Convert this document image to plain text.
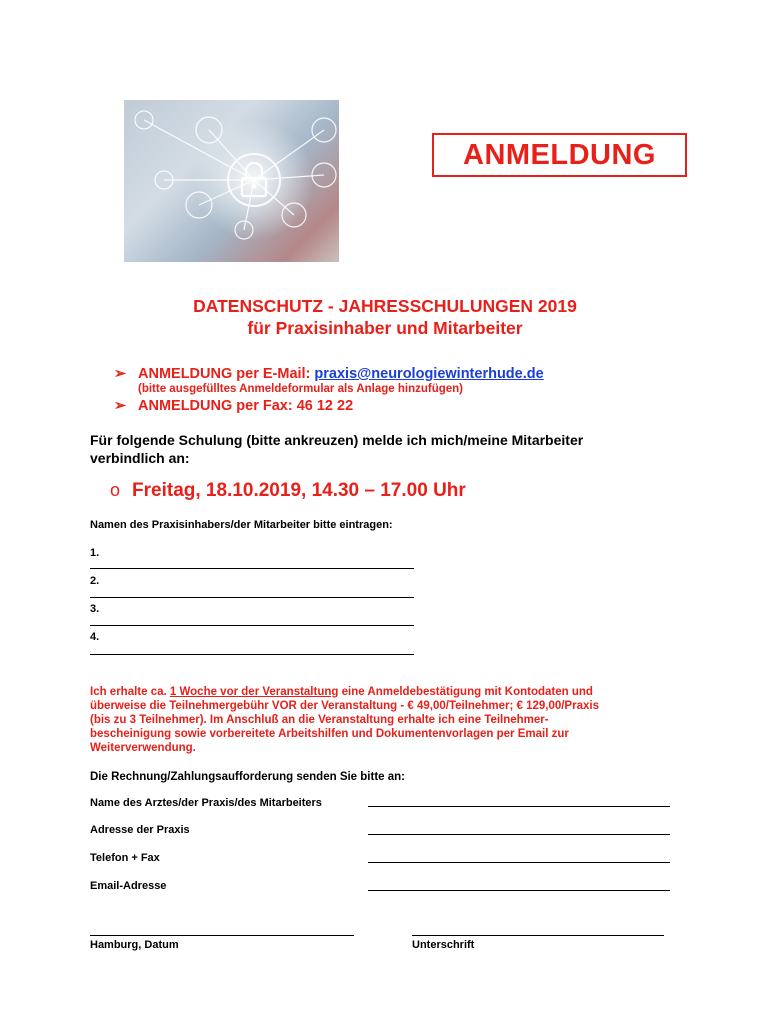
ANMELDUNG
DATENSCHUTZ - JAHRESSCHULUNGEN 2019
für Praxisinhaber und Mitarbeiter
➢ ANMELDUNG per E-Mail: praxis@neurologiewinterhude.de
(bitte ausgefülltes Anmeldeformular als Anlage hinzufügen)
➢ ANMELDUNG per Fax: 46 12 22
Für folgende Schulung (bitte ankreuzen) melde ich mich/meine Mitarbeiter
verbindlich an:
o Freitag, 18.10.2019, 14.30 – 17.00 Uhr
Namen des Praxisinhabers/der Mitarbeiter bitte eintragen:
1.
2.
3.
4.
Ich erhalte ca. 1 Woche vor der Veranstaltung eine Anmeldebestätigung mit Kontodaten und
überweise die Teilnehmergebühr VOR der Veranstaltung - € 49,00/Teilnehmer; € 129,00/Praxis
(bis zu 3 Teilnehmer). Im Anschluß an die Veranstaltung erhalte ich eine Teilnehmer-
bescheinigung sowie vorbereitete Arbeitshilfen und Dokumentenvorlagen per Email zur
Weiterverwendung.
Die Rechnung/Zahlungsaufforderung senden Sie bitte an:
Name des Arztes/der Praxis/des Mitarbeiters
Adresse der Praxis
Telefon + Fax
Email-Adresse
Hamburg, Datum	Unterschrift
